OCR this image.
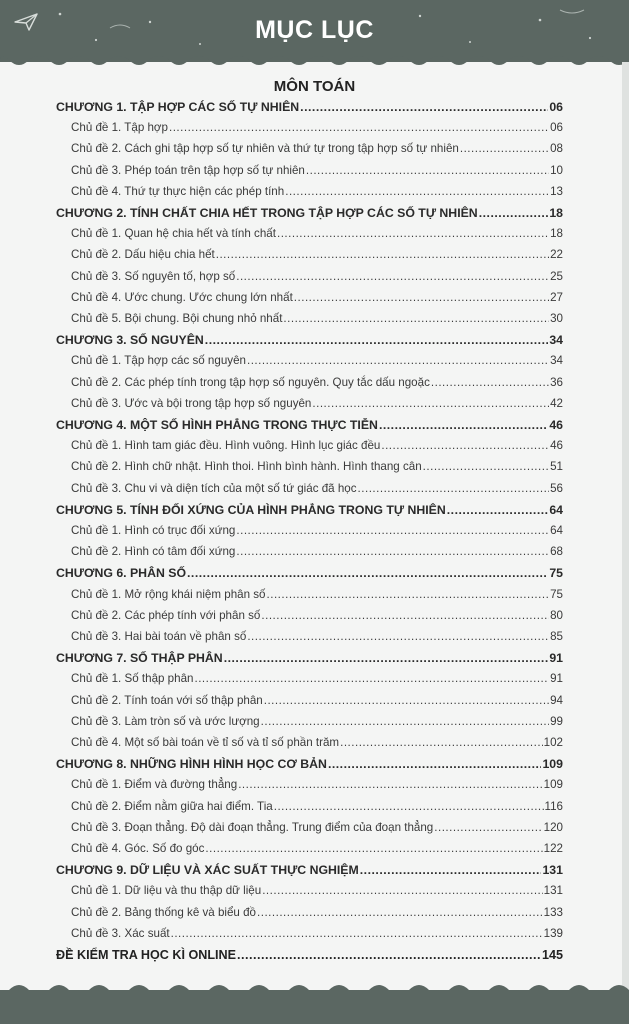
MỤC LỤC
MÔN TOÁN
CHƯƠNG 1. TẬP HỢP CÁC SỐ TỰ NHIÊN .....	06
Chủ đề 1. Tập hợp .....	06
Chủ đề 2. Cách ghi tập hợp số tự nhiên và thứ tự trong tập hợp số tự nhiên .....	08
Chủ đề 3. Phép toán trên tập hợp số tự nhiên .....	10
Chủ đề 4. Thứ tự thực hiện các phép tính .....	13
CHƯƠNG 2. TÍNH CHẤT CHIA HẾT TRONG TẬP HỢP CÁC SỐ TỰ NHIÊN .....	18
Chủ đề 1. Quan hệ chia hết và tính chất .....	18
Chủ đề 2. Dấu hiệu chia hết .....	22
Chủ đề 3. Số nguyên tố, hợp số .....	25
Chủ đề 4. Ước chung. Ước chung lớn nhất .....	27
Chủ đề 5. Bội chung. Bội chung nhỏ nhất .....	30
CHƯƠNG 3. SỐ NGUYÊN .....	34
Chủ đề 1. Tập hợp các số nguyên .....	34
Chủ đề 2. Các phép tính trong tập hợp số nguyên. Quy tắc dấu ngoặc .....	36
Chủ đề 3. Ước và bội trong tập hợp số nguyên .....	42
CHƯƠNG 4. MỘT SỐ HÌNH PHẲNG TRONG THỰC TIỄN .....	46
Chủ đề 1. Hình tam giác đều. Hình vuông. Hình lục giác đều .....	46
Chủ đề 2. Hình chữ nhật. Hình thoi. Hình bình hành. Hình thang cân .....	51
Chủ đề 3. Chu vi và diện tích của một số tứ giác đã học .....	56
CHƯƠNG 5. TÍNH ĐỐI XỨNG CỦA HÌNH PHẲNG TRONG TỰ NHIÊN .....	64
Chủ đề 1. Hình có trục đối xứng .....	64
Chủ đề 2. Hình có tâm đối xứng .....	68
CHƯƠNG 6. PHÂN SỐ .....	75
Chủ đề 1. Mở rộng khái niệm phân số .....	75
Chủ đề 2. Các phép tính với phân số .....	80
Chủ đề 3. Hai bài toán về phân số .....	85
CHƯƠNG 7. SỐ THẬP PHÂN .....	91
Chủ đề 1. Số thập phân .....	91
Chủ đề 2. Tính toán với số thập phân .....	94
Chủ đề 3. Làm tròn số và ước lượng .....	99
Chủ đề 4. Một số bài toán về tỉ số và tỉ số phần trăm .....	102
CHƯƠNG 8. NHỮNG HÌNH HÌNH HỌC CƠ BẢN .....	109
Chủ đề 1. Điểm và đường thẳng .....	109
Chủ đề 2. Điểm nằm giữa hai điểm. Tia .....	116
Chủ đề 3. Đoạn thẳng. Độ dài đoạn thẳng. Trung điểm của đoạn thẳng .....	120
Chủ đề 4. Góc. Số đo góc .....	122
CHƯƠNG 9. DỮ LIỆU VÀ XÁC SUẤT THỰC NGHIỆM .....	131
Chủ đề 1. Dữ liệu và thu thập dữ liệu .....	131
Chủ đề 2. Bảng thống kê và biểu đồ .....	133
Chủ đề 3. Xác suất .....	139
ĐỀ KIỂM TRA HỌC KÌ ONLINE .....	145
